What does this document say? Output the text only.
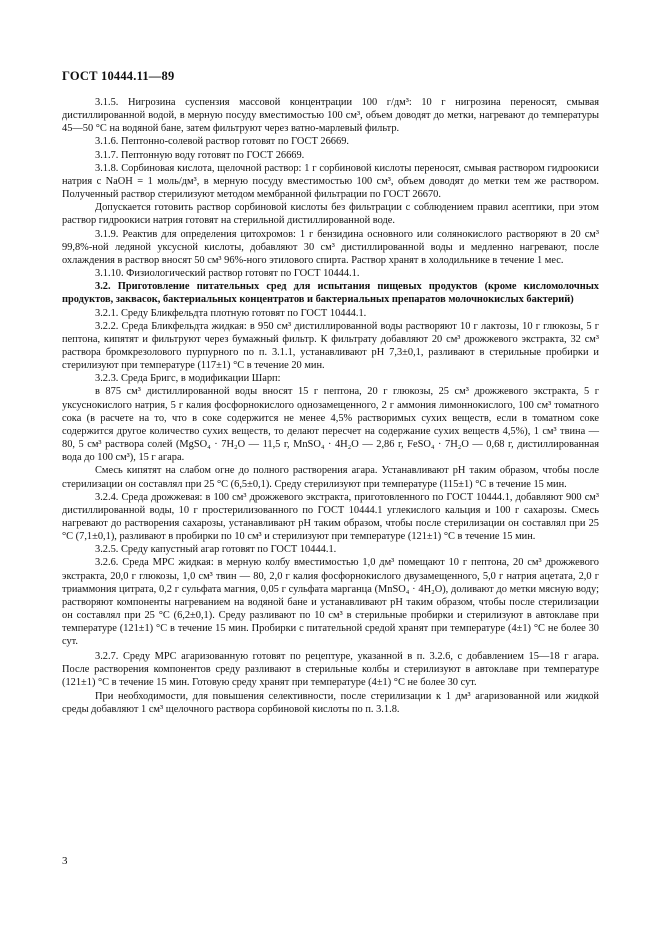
ГОСТ 10444.11—89

3.1.5. Нигрозина суспензия массовой концентрации 100 г/дм³: 10 г нигрозина переносят, смывая дистиллированной водой, в мерную посуду вместимостью 100 см³, объем доводят до метки, нагревают до температуры 45—50 °С на водяной бане, затем фильтруют через ватно-марлевый фильтр.

3.1.6. Пептонно-солевой раствор готовят по ГОСТ 26669.

3.1.7. Пептонную воду готовят по ГОСТ 26669.

3.1.8. Сорбиновая кислота, щелочной раствор: 1 г сорбиновой кислоты переносят, смывая раствором гидроокиси натрия с NaOH = 1 моль/дм³, в мерную посуду вместимостью 100 см³, объем доводят до метки тем же раствором. Полученный раствор стерилизуют методом мембранной фильтрации по ГОСТ 26670.

Допускается готовить раствор сорбиновой кислоты без фильтрации с соблюдением правил асептики, при этом раствор гидроокиси натрия готовят на стерильной дистиллированной воде.

3.1.9. Реактив для определения цитохромов: 1 г бензидина основного или солянокислого растворяют в 20 см³ 99,8%-ной ледяной уксусной кислоты, добавляют 30 см³ дистиллированной воды и медленно нагревают, после охлаждения в раствор вносят 50 см³ 96%-ного этилового спирта. Раствор хранят в холодильнике в течение 1 мес.

3.1.10. Физиологический раствор готовят по ГОСТ 10444.1.

3.2. Приготовление питательных сред для испытания пищевых продуктов (кроме кисломолочных продуктов, заквасок, бактериальных концентратов и бактериальных препаратов молочнокислых бактерий)

3.2.1. Среду Бликфельдта плотную готовят по ГОСТ 10444.1.

3.2.2. Среда Бликфельдта жидкая: в 950 см³ дистиллированной воды растворяют 10 г лактозы, 10 г глюкозы, 5 г пептона, кипятят и фильтруют через бумажный фильтр. К фильтрату добавляют 20 см³ дрожжевого экстракта, 32 см³ раствора бромкрезолового пурпурного по п. 3.1.1, устанавливают pH 7,3±0,1, разливают в стерильные пробирки и стерилизуют при температуре (117±1) °С в течение 20 мин.

3.2.3. Среда Бригс, в модификации Шарп:

в 875 см³ дистиллированной воды вносят 15 г пептона, 20 г глюкозы, 25 см³ дрожжевого экстракта, 5 г уксуснокислого натрия, 5 г калия фосфорнокислого однозамещенного, 2 г аммония лимоннокислого, 100 см³ томатного сока (в расчете на то, что в соке содержится не менее 4,5% растворимых сухих веществ, если в томатном соке содержится другое количество сухих веществ, то делают пересчет на содержание сухих веществ 4,5%), 1 см³ твина — 80, 5 см³ раствора солей (MgSO₄ · 7H₂O — 11,5 г, MnSO₄ · 4H₂O — 2,86 г, FeSO₄ · 7H₂O — 0,68 г, дистиллированная вода до 100 см³), 15 г агара.

Смесь кипятят на слабом огне до полного растворения агара. Устанавливают pH таким образом, чтобы после стерилизации он составлял при 25 °С (6,5±0,1). Среду стерилизуют при температуре (115±1) °С в течение 15 мин.

3.2.4. Среда дрожжевая: в 100 см³ дрожжевого экстракта, приготовленного по ГОСТ 10444.1, добавляют 900 см³ дистиллированной воды, 10 г простерилизованного по ГОСТ 10444.1 углекислого кальция и 100 г сахарозы. Смесь нагревают до растворения сахарозы, устанавливают pH таким образом, чтобы после стерилизации он составлял при 25 °С (7,1±0,1), разливают в пробирки по 10 см³ и стерилизуют при температуре (121±1) °С в течение 15 мин.

3.2.5. Среду капустный агар готовят по ГОСТ 10444.1.

3.2.6. Среда MPC жидкая: в мерную колбу вместимостью 1,0 дм³ помещают 10 г пептона, 20 см³ дрожжевого экстракта, 20,0 г глюкозы, 1,0 см³ твин — 80, 2,0 г калия фосфорнокислого двузамещенного, 5,0 г натрия ацетата, 2,0 г триаммония цитрата, 0,2 г сульфата магния, 0,05 г сульфата марганца (MnSO₄ · 4H₂O), доливают до метки мясную воду; растворяют компоненты нагреванием на водяной бане и устанавливают pH таким образом, чтобы после стерилизации он составлял при 25 °С (6,2±0,1). Среду разливают по 10 см³ в стерильные пробирки и стерилизуют в автоклаве при температуре (121±1) °С в течение 15 мин. Пробирки с питательной средой хранят при температуре (4±1) °С не более 30 сут.

3.2.7. Среду MPC агаризованную готовят по рецептуре, указанной в п. 3.2.6, с добавлением 15—18 г агара. После растворения компонентов среду разливают в стерильные колбы и стерилизуют в автоклаве при температуре (121±1) °С в течение 15 мин. Готовую среду хранят при температуре (4±1) °С не более 30 сут.

При необходимости, для повышения селективности, после стерилизации к 1 дм³ агаризованной или жидкой среды добавляют 1 см³ щелочного раствора сорбиновой кислоты по п. 3.1.8.

3
